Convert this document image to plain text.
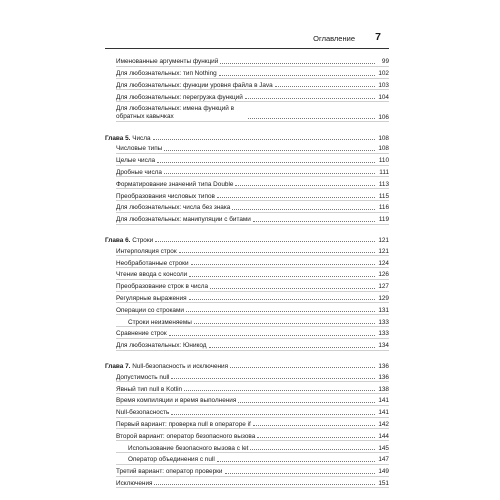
Оглавление 7
Именованные аргументы функций	99
Для любознательных: тип Nothing	102
Для любознательных: функции уровня файла в Java	103
Для любознательных: перегрузка функций	104
Для любознательных: имена функций в обратных кавычках	106
Глава 5. Числа	108
Числовые типы	108
Целые числа	110
Дробные числа	111
Форматирование значений типа Double	113
Преобразования числовых типов	115
Для любознательных: числа без знака	116
Для любознательных: манипуляции с битами	119
Глава 6. Строки	121
Интерполяция строк	121
Необработанные строки	124
Чтение ввода с консоли	126
Преобразование строк в числа	127
Регулярные выражения	129
Операции со строками	131
Строки неизменяемы	133
Сравнение строк	133
Для любознательных: Юникод	134
Глава 7. Null-безопасность и исключения	136
Допустимость null	136
Явный тип null в Kotlin	138
Время компиляции и время выполнения	141
Null-безопасность	141
Первый вариант: проверка null в операторе if	142
Второй вариант: оператор безопасного вызова	144
Использование безопасного вызова с let	145
Оператор объединения с null	147
Третий вариант: оператор проверки	149
Исключения	151
